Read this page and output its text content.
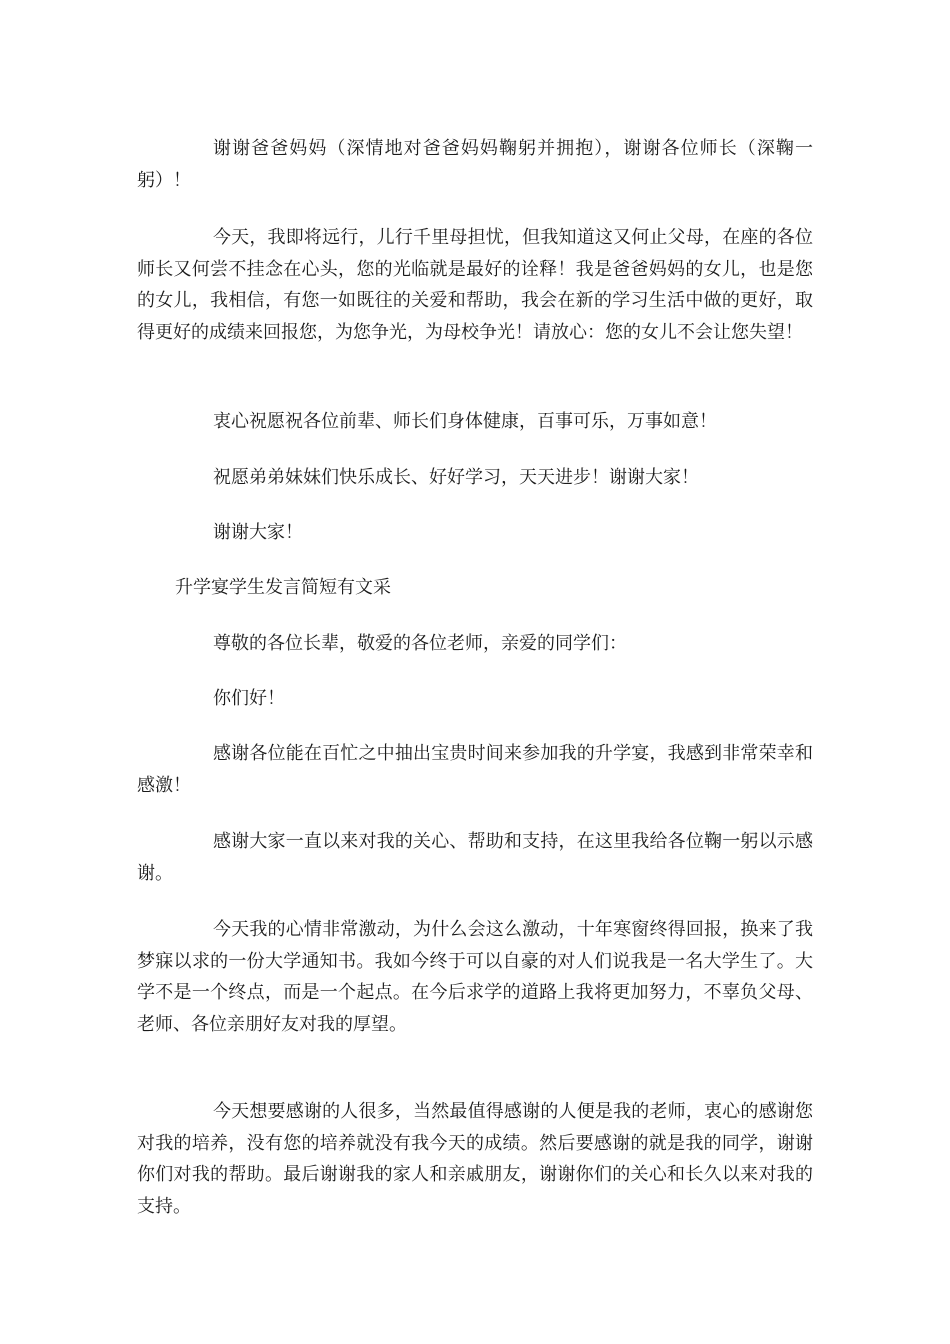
谢谢爸爸妈妈（深情地对爸爸妈妈鞠躬并拥抱），谢谢各位师长（深鞠一躬）！

今天，我即将远行，儿行千里母担忧，但我知道这又何止父母，在座的各位师长又何尝不挂念在心头，您的光临就是最好的诠释！我是爸爸妈妈的女儿，也是您的女儿，我相信，有您一如既往的关爱和帮助，我会在新的学习生活中做的更好，取得更好的成绩来回报您，为您争光，为母校争光！请放心：您的女儿不会让您失望！

衷心祝愿祝各位前辈、师长们身体健康，百事可乐，万事如意！

祝愿弟弟妹妹们快乐成长、好好学习，天天进步！谢谢大家！

谢谢大家！

升学宴学生发言简短有文采

尊敬的各位长辈，敬爱的各位老师，亲爱的同学们：

你们好！

感谢各位能在百忙之中抽出宝贵时间来参加我的升学宴，我感到非常荣幸和感激！

感谢大家一直以来对我的关心、帮助和支持，在这里我给各位鞠一躬以示感谢。

今天我的心情非常激动，为什么会这么激动，十年寒窗终得回报，换来了我梦寐以求的一份大学通知书。我如今终于可以自豪的对人们说我是一名大学生了。大学不是一个终点，而是一个起点。在今后求学的道路上我将更加努力，不辜负父母、老师、各位亲朋好友对我的厚望。

今天想要感谢的人很多，当然最值得感谢的人便是我的老师，衷心的感谢您对我的培养，没有您的培养就没有我今天的成绩。然后要感谢的就是我的同学，谢谢你们对我的帮助。最后谢谢我的家人和亲戚朋友，谢谢你们的关心和长久以来对我的支持。
